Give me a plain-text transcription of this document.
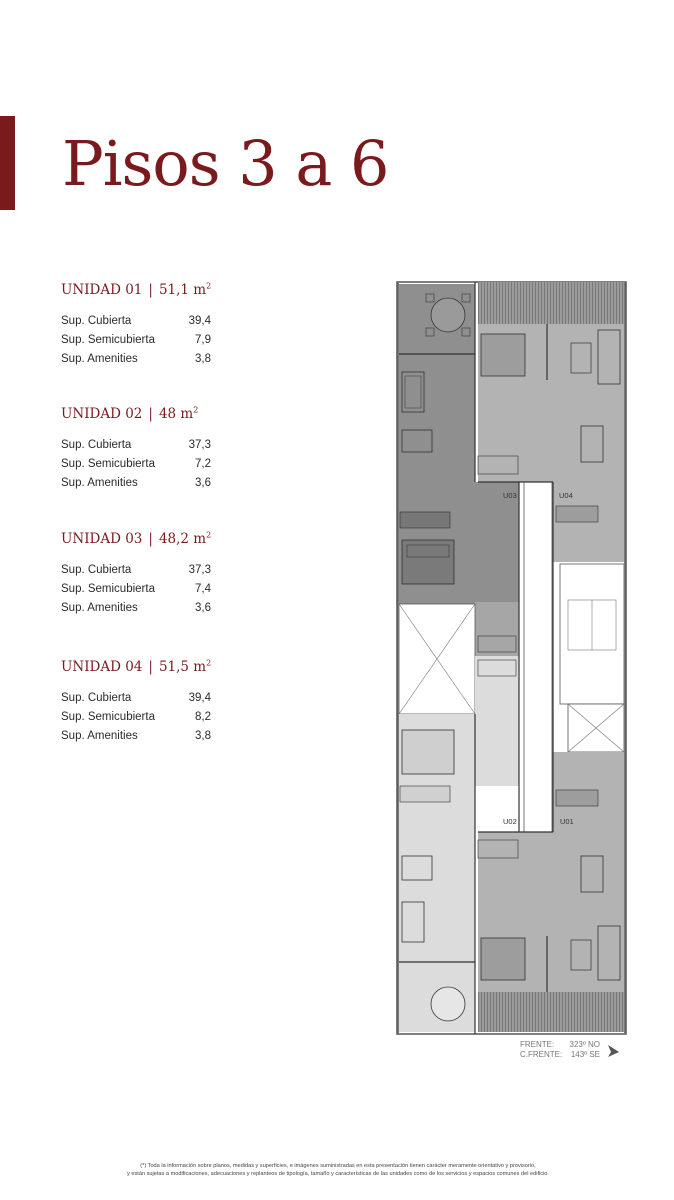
Pisos 3 a 6
UNIDAD 01 | 51,1 $m^2$
Sup. Cubierta	39,4
Sup. Semicubierta	7,9
Sup. Amenities	3,8
UNIDAD 02 | 48 $m^2$
Sup. Cubierta	37,3
Sup. Semicubierta	7,2
Sup. Amenities	3,6
UNIDAD 03 | 48,2 $m^2$
Sup. Cubierta	37,3
Sup. Semicubierta	7,4
Sup. Amenities	3,6
UNIDAD 04 | 51,5 $m^2$
Sup. Cubierta	39,4
Sup. Semicubierta	8,2
Sup. Amenities	3,8
U03	U04
U02	U01
FRENTE:	323º NO
C.FRENTE:	143º SE
(*) Toda la información sobre planos, medidas y superficies, e imágenes suministradas en esta presentación tienen carácter meramente orientativo y provisorio,
y están sujetas a modificaciones, adecuaciones y replanteos de tipología, tamaño y características de las unidades como de los servicios y espacios comunes del edificio.
